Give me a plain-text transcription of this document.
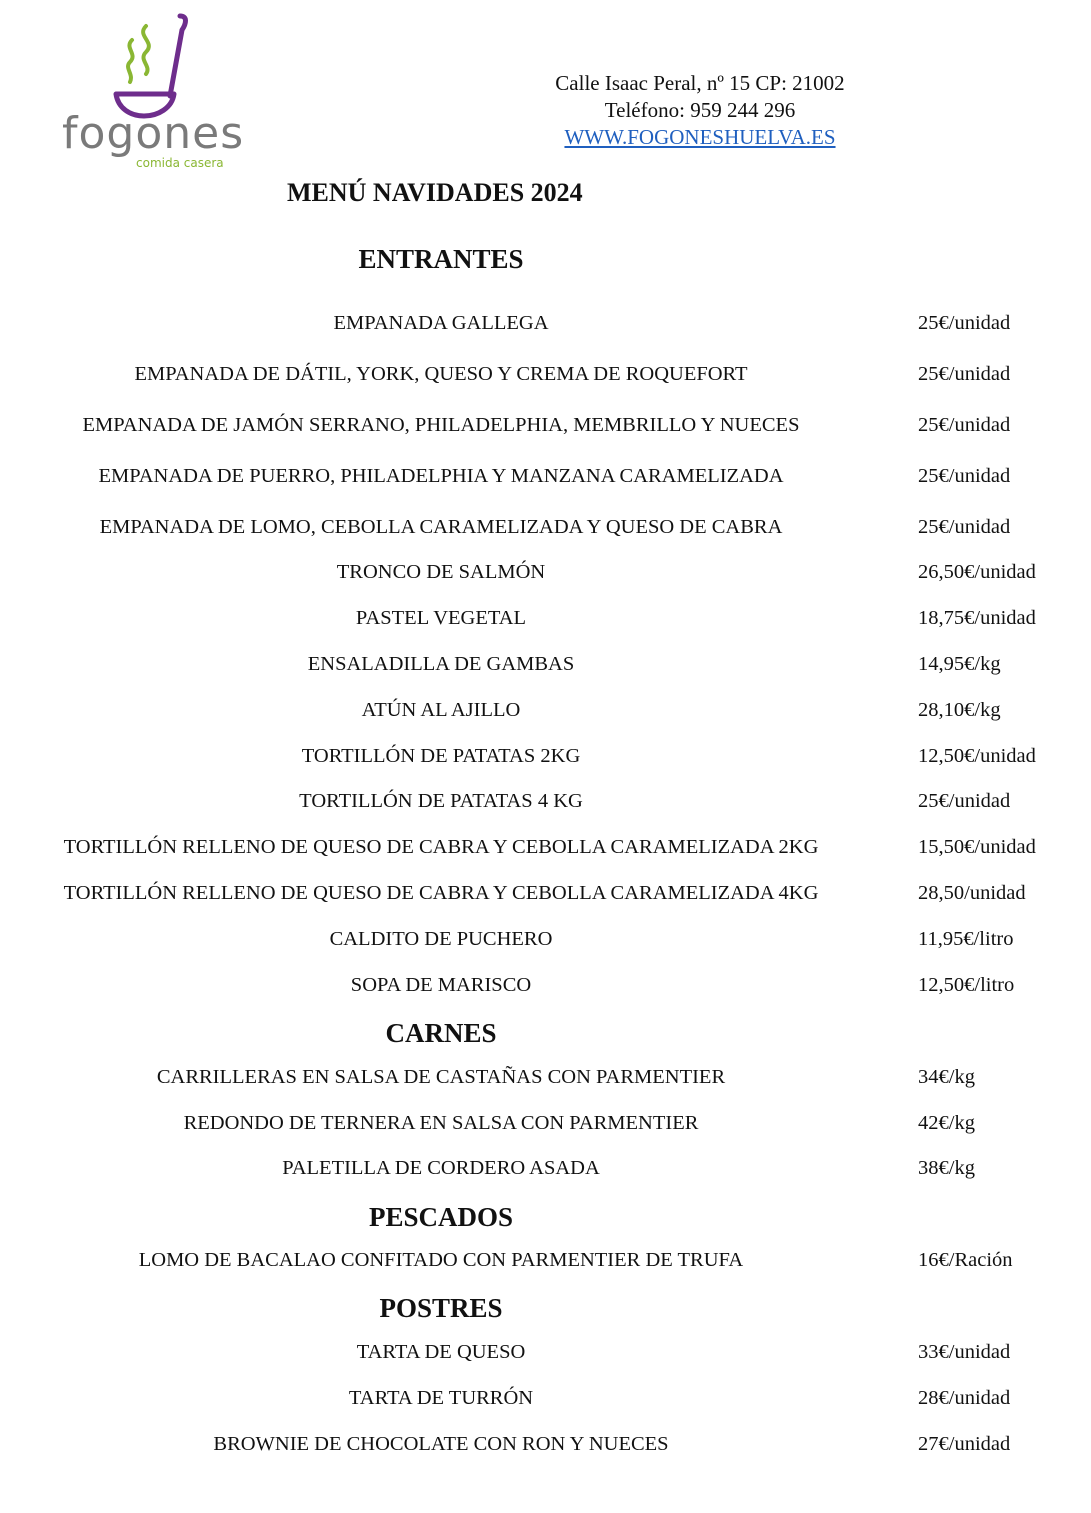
fogones
comida casera
Calle Isaac Peral, nº 15 CP: 21002
Teléfono: 959 244 296
WWW.FOGONESHUELVA.ES
MENÚ NAVIDADES 2024
ENTRANTES
EMPANADA GALLEGA	25€/unidad
EMPANADA DE DÁTIL, YORK, QUESO Y CREMA DE ROQUEFORT	25€/unidad
EMPANADA DE JAMÓN SERRANO, PHILADELPHIA, MEMBRILLO Y NUECES	25€/unidad
EMPANADA DE PUERRO, PHILADELPHIA Y MANZANA CARAMELIZADA	25€/unidad
EMPANADA DE LOMO, CEBOLLA CARAMELIZADA Y QUESO DE CABRA	25€/unidad
TRONCO DE SALMÓN	26,50€/unidad
PASTEL VEGETAL	18,75€/unidad
ENSALADILLA DE GAMBAS	14,95€/kg
ATÚN AL AJILLO	28,10€/kg
TORTILLÓN DE PATATAS 2KG	12,50€/unidad
TORTILLÓN DE PATATAS 4 KG	25€/unidad
TORTILLÓN RELLENO DE QUESO DE CABRA Y CEBOLLA CARAMELIZADA 2KG	15,50€/unidad
TORTILLÓN RELLENO DE QUESO DE CABRA Y CEBOLLA CARAMELIZADA 4KG	28,50/unidad
CALDITO DE PUCHERO	11,95€/litro
SOPA DE MARISCO	12,50€/litro
CARNES
CARRILLERAS EN SALSA DE CASTAÑAS CON PARMENTIER	34€/kg
REDONDO DE TERNERA EN SALSA CON PARMENTIER	42€/kg
PALETILLA DE CORDERO ASADA	38€/kg
PESCADOS
LOMO DE BACALAO CONFITADO CON PARMENTIER DE TRUFA	16€/Ración
POSTRES
TARTA DE QUESO	33€/unidad
TARTA DE TURRÓN	28€/unidad
BROWNIE DE CHOCOLATE CON RON Y NUECES	27€/unidad
